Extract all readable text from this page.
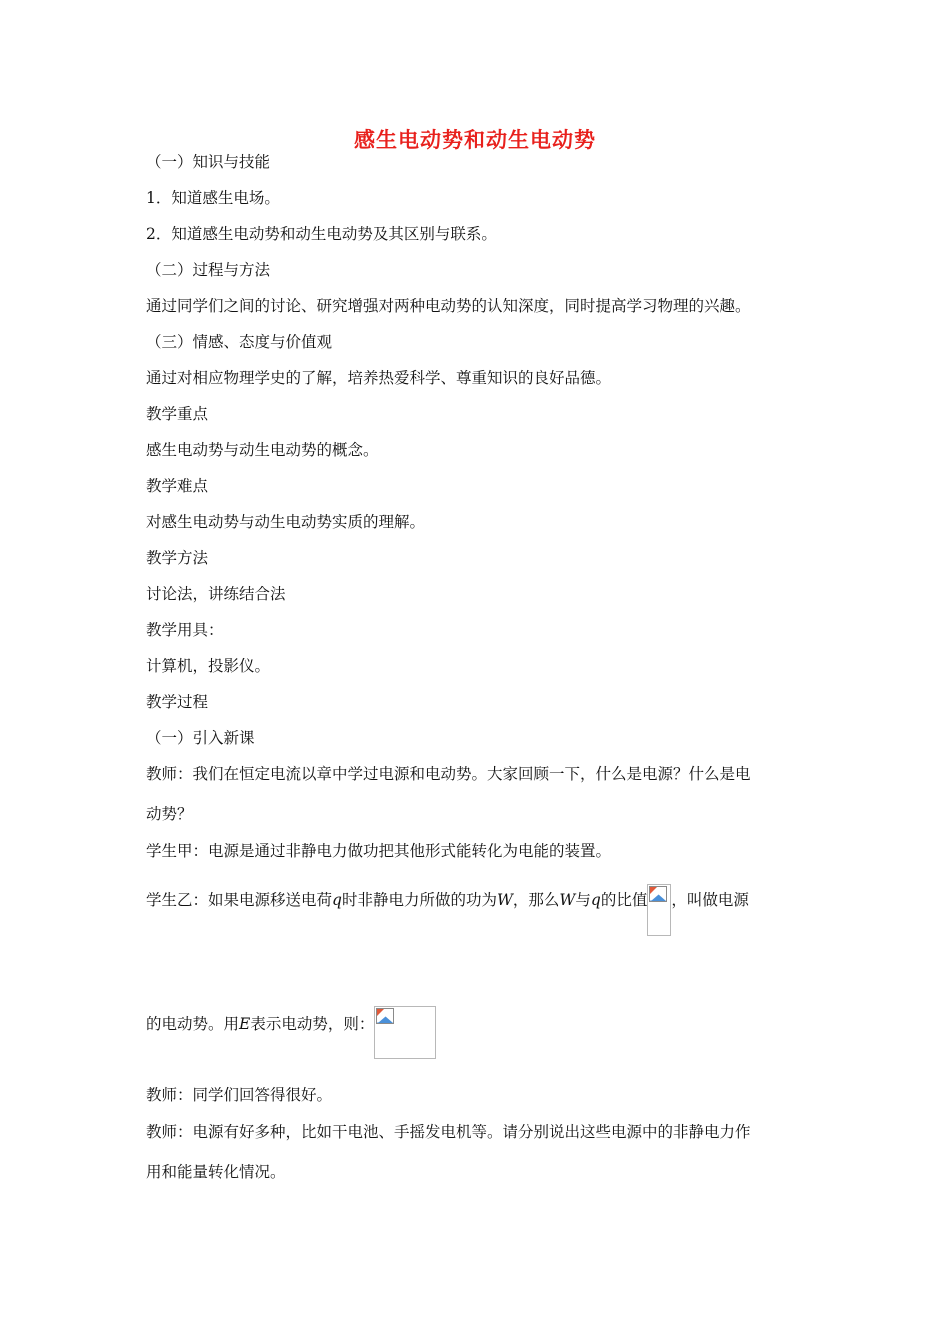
感生电动势和动生电动势
（一）知识与技能
1．知道感生电场。
2．知道感生电动势和动生电动势及其区别与联系。
（二）过程与方法
通过同学们之间的讨论、研究增强对两种电动势的认知深度，同时提高学习物理的兴趣。
（三）情感、态度与价值观
通过对相应物理学史的了解，培养热爱科学、尊重知识的良好品德。
教学重点
感生电动势与动生电动势的概念。
教学难点
对感生电动势与动生电动势实质的理解。
教学方法
讨论法，讲练结合法
教学用具：
计算机，投影仪。
教学过程
（一）引入新课
教师：我们在恒定电流以章中学过电源和电动势。大家回顾一下，什么是电源？什么是电
动势？
学生甲：电源是通过非静电力做功把其他形式能转化为电能的装置。
学生乙：如果电源移送电荷q时非静电力所做的功为W，那么W与q的比值 ，叫做电源
的电动势。用E表示电动势，则：
教师：同学们回答得很好。
教师：电源有好多种，比如干电池、手摇发电机等。请分别说出这些电源中的非静电力作
用和能量转化情况。
